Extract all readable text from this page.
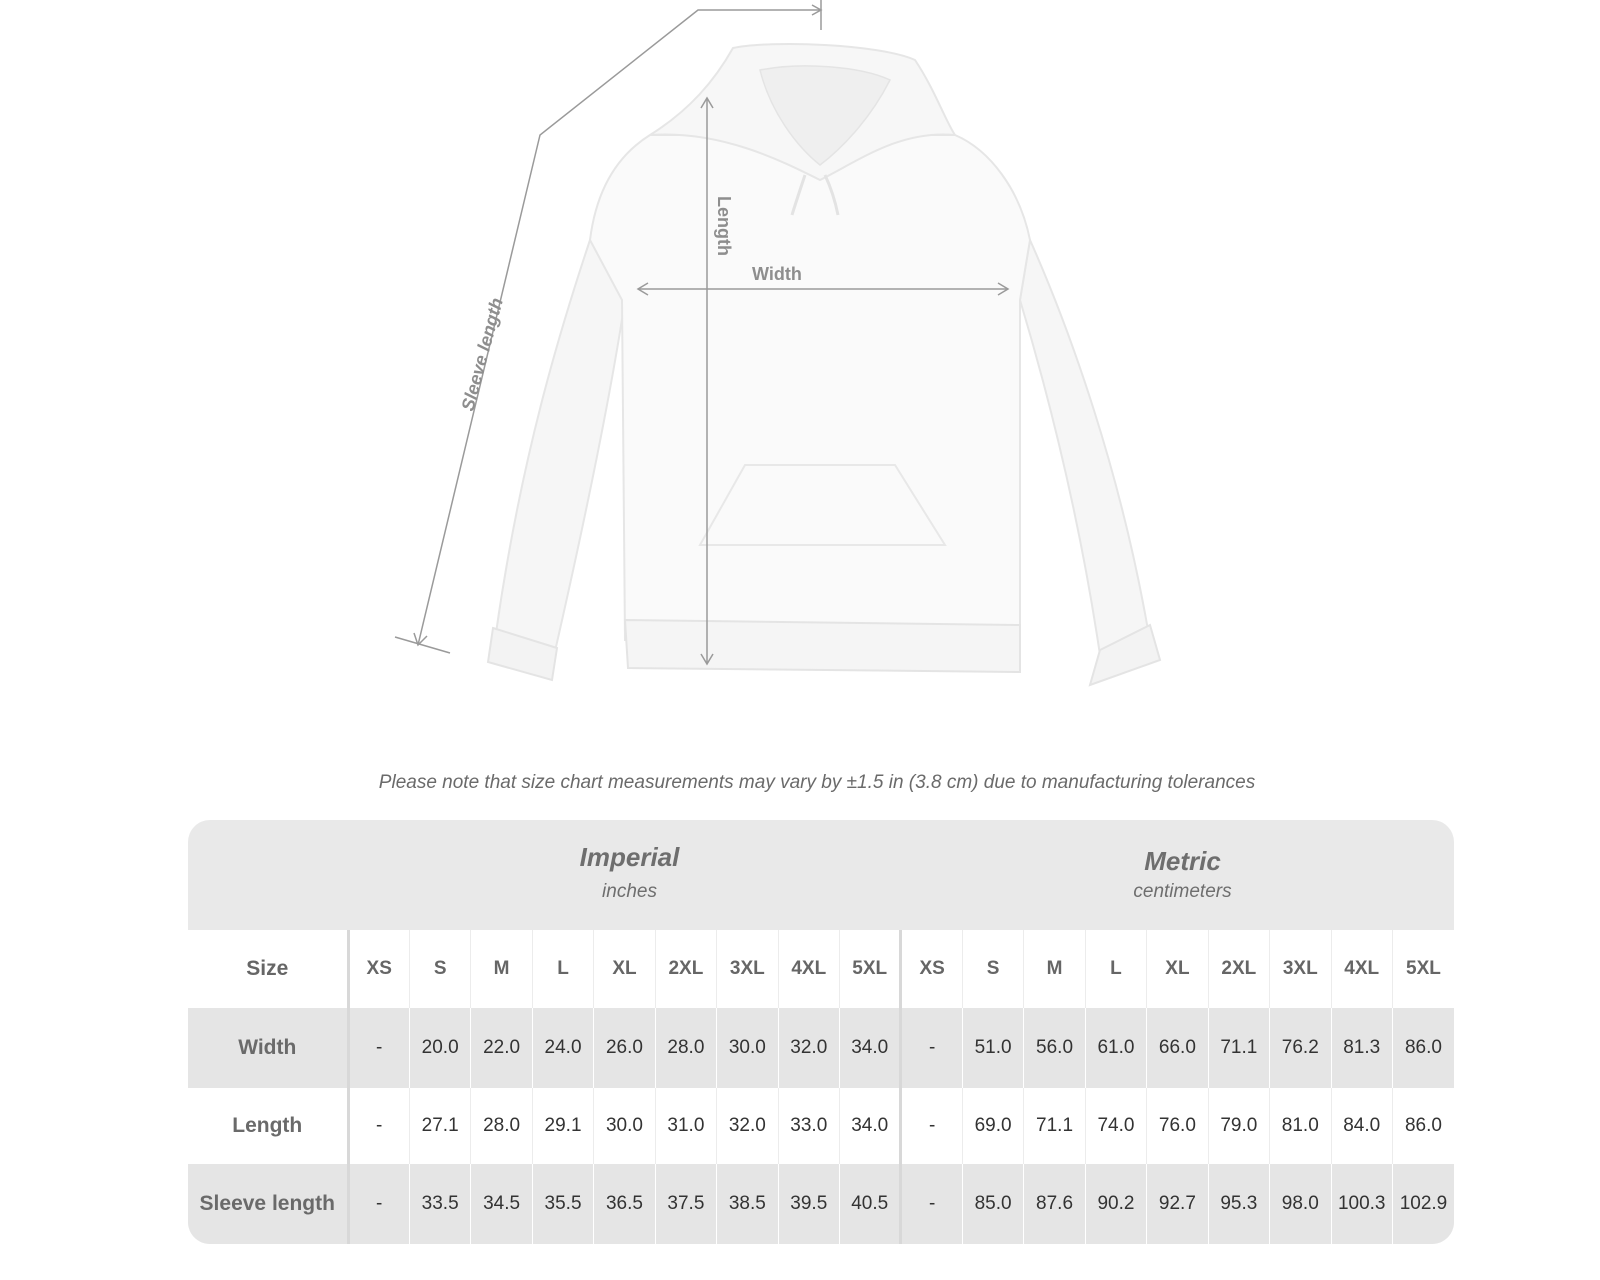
Sleeve length
Length
Width
Please note that size chart measurements may vary by ±1.5 in (3.8 cm) due to manufacturing tolerances
Imperial
inches
Metric
centimeters
Size	XS	S	M	L	XL	2XL	3XL	4XL	5XL	XS	S	M	L	XL	2XL	3XL	4XL	5XL
Width	-	20.0	22.0	24.0	26.0	28.0	30.0	32.0	34.0	-	51.0	56.0	61.0	66.0	71.1	76.2	81.3	86.0
Length	-	27.1	28.0	29.1	30.0	31.0	32.0	33.0	34.0	-	69.0	71.1	74.0	76.0	79.0	81.0	84.0	86.0
Sleeve length	-	33.5	34.5	35.5	36.5	37.5	38.5	39.5	40.5	-	85.0	87.6	90.2	92.7	95.3	98.0	100.3	102.9
